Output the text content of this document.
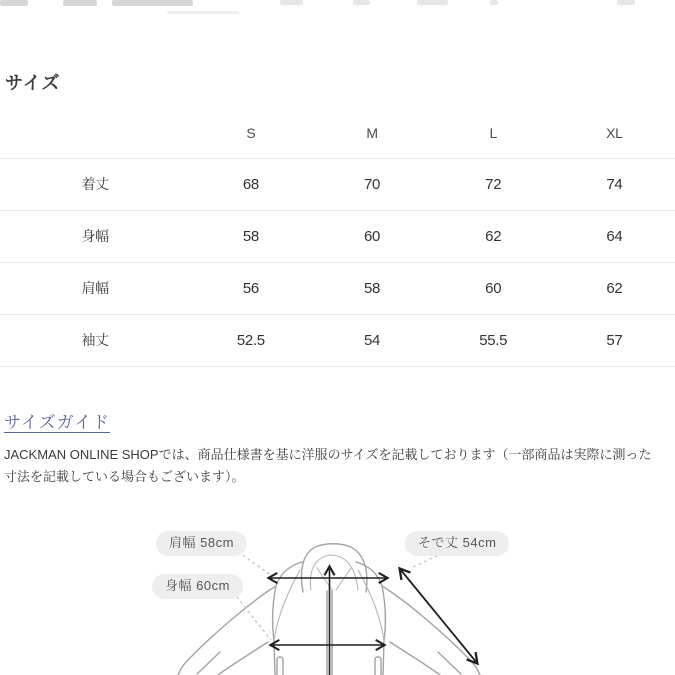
サイズ
	S	M	L	XL
着丈	68	70	72	74
身幅	58	60	62	64
肩幅	56	58	60	62
袖丈	52.5	54	55.5	57
サイズガイド

JACKMAN ONLINE SHOPでは、商品仕様書を基に洋服のサイズを記載しております（一部商品は実際に測った寸法を記載している場合もございます）。

肩幅 58cm	そで丈 54cm
身幅 60cm
